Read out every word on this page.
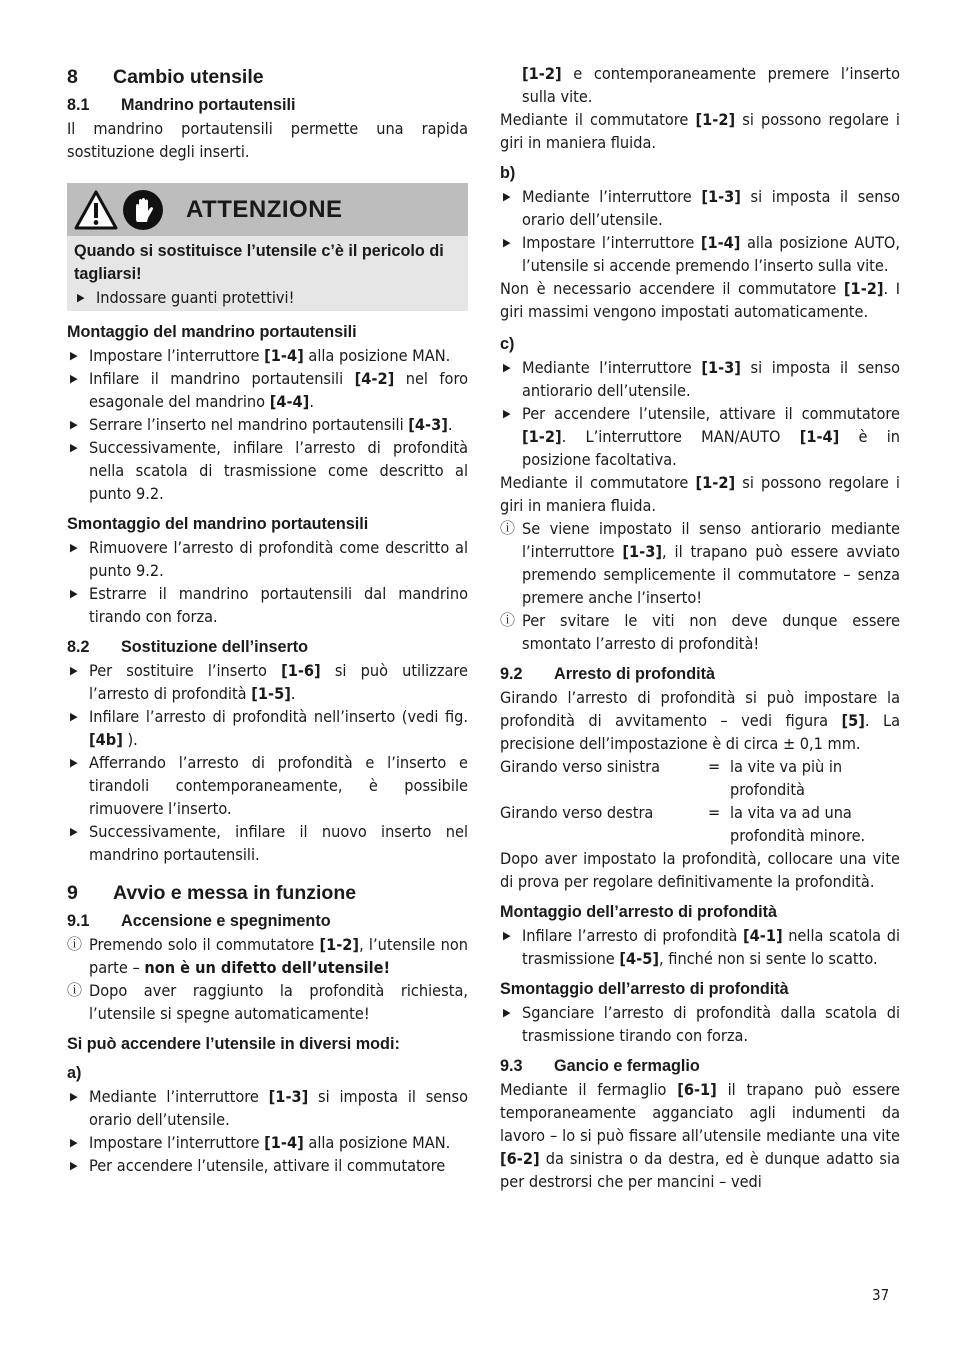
8	Cambio utensile
8.1	Mandrino portautensili

Il mandrino portautensili permette una rapida sostituzione degli inserti.

ATTENZIONE
Quando si sostituisce l’utensile c’è il pericolo di tagliarsi!
▶ Indossare guanti protettivi!
Montaggio del mandrino portautensili
▶ Impostare l’interruttore [1-4] alla posizione MAN.
▶ Infilare il mandrino portautensili [4-2] nel foro esagonale del mandrino [4-4].
▶ Serrare l’inserto nel mandrino portautensili [4-3].
▶ Successivamente, infilare l’arresto di profondità nella scatola di trasmissione come descritto al punto 9.2.
Smontaggio del mandrino portautensili
▶ Rimuovere l’arresto di profondità come descritto al punto 9.2.
▶ Estrarre il mandrino portautensili dal mandrino tirando con forza.
8.2	Sostituzione dell’inserto
▶ Per sostituire l’inserto [1-6] si può utilizzare l’arresto di profondità [1-5].
▶ Infilare l’arresto di profondità nell’inserto (vedi fig. [4b] ).
▶ Afferrando l’arresto di profondità e l’inserto e tirandoli contemporaneamente, è possibile rimuovere l’inserto.
▶ Successivamente, infilare il nuovo inserto nel mandrino portautensili.
9	Avvio e messa in funzione
9.1	Accensione e spegnimento
ⓘ Premendo solo il commutatore [1-2], l’utensile non parte – non è un difetto dell’utensile!
ⓘ Dopo aver raggiunto la profondità richiesta, l’utensile si spegne automaticamente!
Si può accendere l’utensile in diversi modi:
a)
▶ Mediante l’interruttore [1-3] si imposta il senso orario dell’utensile.
▶ Impostare l’interruttore [1-4] alla posizione MAN.
▶ Per accendere l’utensile, attivare il commutatore
[1-2] e contemporaneamente premere l’inserto sulla vite.

Mediante il commutatore [1-2] si possono regolare i giri in maniera fluida.

b)
▶ Mediante l’interruttore [1-3] si imposta il senso orario dell’utensile.
▶ Impostare l’interruttore [1-4] alla posizione AUTO, l’utensile si accende premendo l’inserto sulla vite.

Non è necessario accendere il commutatore [1-2]. I giri massimi vengono impostati automaticamente.

c)
▶ Mediante l’interruttore [1-3] si imposta il senso antiorario dell’utensile.
▶ Per accendere l’utensile, attivare il commutatore [1-2]. L’interruttore MAN/AUTO [1-4] è in posizione facoltativa.

Mediante il commutatore [1-2] si possono regolare i giri in maniera fluida.

ⓘ Se viene impostato il senso antiorario mediante l’interruttore [1-3], il trapano può essere avviato premendo semplicemente il commutatore – senza premere anche l’inserto!
ⓘ Per svitare le viti non deve dunque essere smontato l’arresto di profondità!
9.2	Arresto di profondità

Girando l’arresto di profondità si può impostare la profondità di avvitamento – vedi figura [5]. La precisione dell’impostazione è di circa ± 0,1 mm.

Girando verso sinistra	= la vite va più in profondità
Girando verso destra	= la vita va ad una profondità minore.

Dopo aver impostato la profondità, collocare una vite di prova per regolare definitivamente la profondità.

Montaggio dell’arresto di profondità
▶ Infilare l’arresto di profondità [4-1] nella scatola di trasmissione [4-5], finché non si sente lo scatto.
Smontaggio dell’arresto di profondità
▶ Sganciare l’arresto di profondità dalla scatola di trasmissione tirando con forza.
9.3	Gancio e fermaglio

Mediante il fermaglio [6-1] il trapano può essere temporaneamente agganciato agli indumenti da lavoro – lo si può fissare all’utensile mediante una vite [6-2] da sinistra o da destra, ed è dunque adatto sia per destrorsi che per mancini – vedi

37
